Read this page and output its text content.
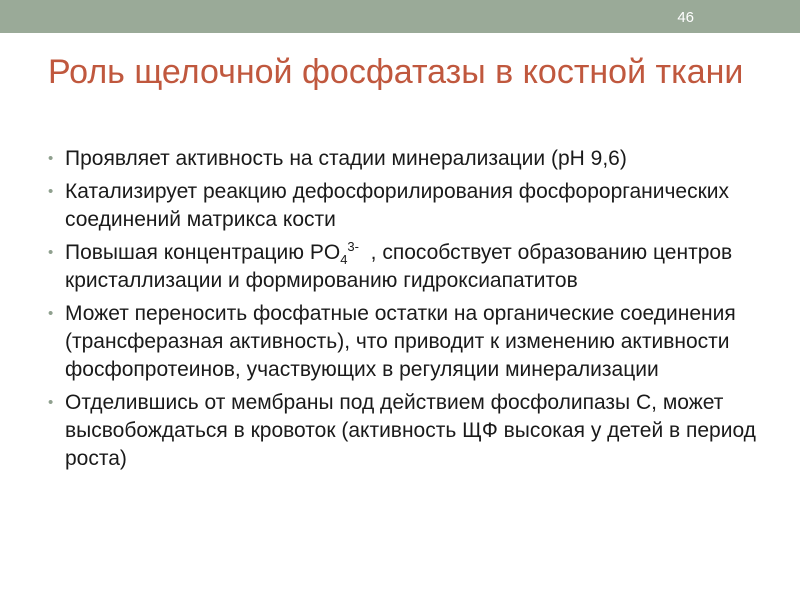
46
Роль щелочной фосфатазы в костной ткани
• Проявляет активность на стадии минерализации (pH 9,6)
• Катализирует реакцию дефосфорилирования фосфорорганических соединений матрикса кости
• Повышая концентрацию $PO_4^{3-}$  , способствует образованию центров кристаллизации и формированию гидроксиапатитов
• Может переносить фосфатные остатки на органические соединения (трансферазная активность), что приводит к изменению активности фосфопротеинов, участвующих в регуляции минерализации
• Отделившись от мембраны под действием фосфолипазы С, может высвобождаться в кровоток (активность ЩФ высокая у детей в период роста)
